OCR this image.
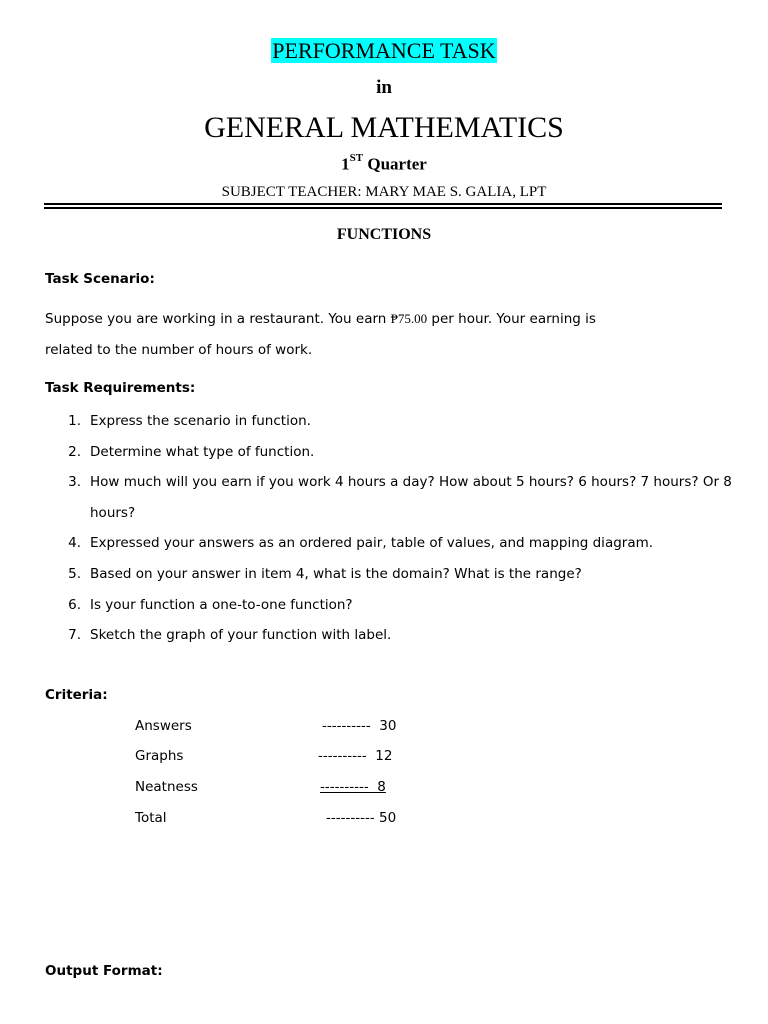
PERFORMANCE TASK
in
GENERAL MATHEMATICS
1ST Quarter
SUBJECT TEACHER: MARY MAE S. GALIA, LPT
FUNCTIONS
Task Scenario:
Suppose you are working in a restaurant. You earn ₱75.00 per hour. Your earning is
related to the number of hours of work.
Task Requirements:
1. Express the scenario in function.
2. Determine what type of function.
3. How much will you earn if you work 4 hours a day? How about 5 hours? 6 hours? 7 hours? Or 8 hours?
4. Expressed your answers as an ordered pair, table of values, and mapping diagram.
5. Based on your answer in item 4, what is the domain? What is the range?
6. Is your function a one-to-one function?
7. Sketch the graph of your function with label.
Criteria:
Answers	----------  30
Graphs	----------  12
Neatness	----------  8
Total	---------- 50
Output Format:
